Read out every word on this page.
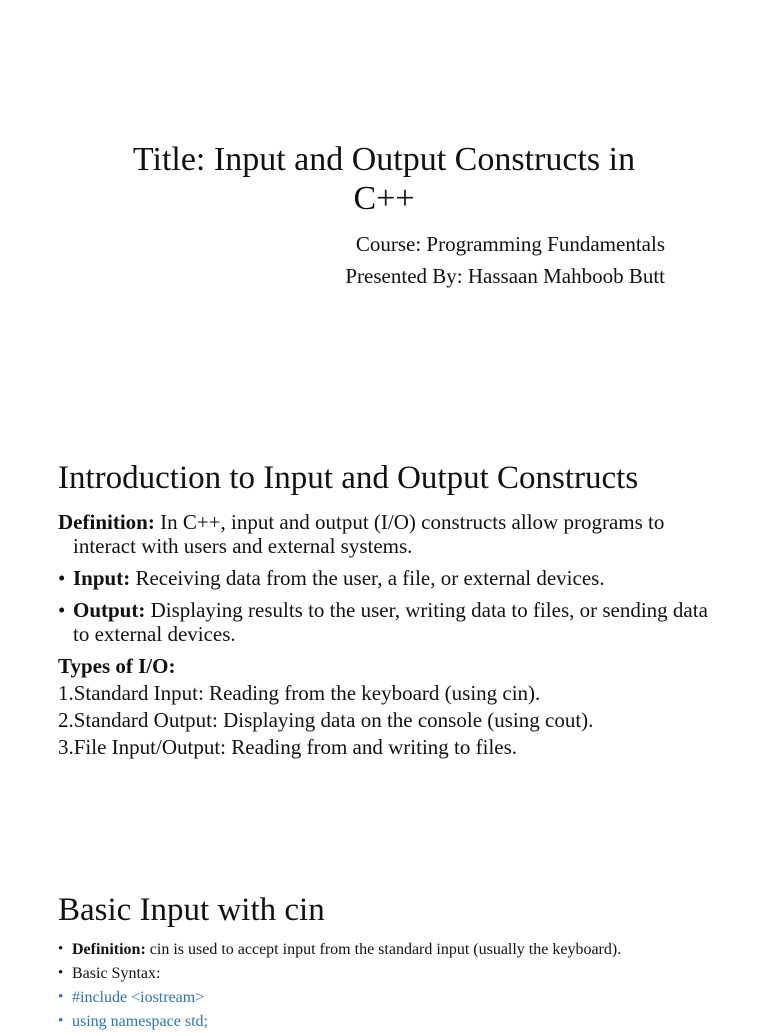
Title: Input and Output Constructs in C++
Course: Programming Fundamentals
Presented By: Hassaan Mahboob Butt
Introduction to Input and Output Constructs

Definition: In C++, input and output (I/O) constructs allow programs to interact with users and external systems.

• Input: Receiving data from the user, a file, or external devices.
• Output: Displaying results to the user, writing data to files, or sending data to external devices.
Types of I/O:
1.Standard Input: Reading from the keyboard (using cin).
2.Standard Output: Displaying data on the console (using cout).
3.File Input/Output: Reading from and writing to files.
Basic Input with cin
• Definition: cin is used to accept input from the standard input (usually the keyboard).
• Basic Syntax:
• #include <iostream>
• using namespace std;
